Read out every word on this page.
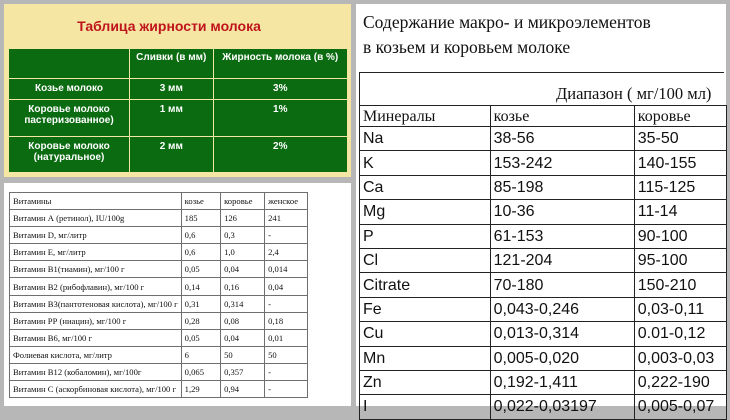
Таблица жирности молока
	Сливки (в мм)	Жирность молока (в %)
Козье молоко	3 мм	3%
Коровье молоко пастеризованное)	1 мм	1%
Коровье молоко (натуральное)	2 мм	2%
Витамины	козье	коровье	женское
Витамин А (ретинол), IU/100g	185	126	241
Витамин D, мг/литр	0,6	0,3	-
Витамин Е, мг/литр	0,6	1,0	2,4
Витамин В1(тиамин), мг/100 г	0,05	0,04	0,014
Витамин В2 (рибофлавин), мг/100 г	0,14	0,16	0,04
Витамин В3(пантотеновая кислота), мг/100 г	0,31	0,314	-
Витамин РР (ниацин), мг/100 г	0,28	0,08	0,18
Витамин В6, мг/100 г	0,05	0,04	0,01
Фолиевая кислота, мг/литр	6	50	50
Витамин В12 (кобаломин), мг/100г	0,065	0,357	-
Витамин С (аскорбиновая кислота), мг/100 г	1,29	0,94	-
Содержание макро- и микроэлементов
в козьем и коровьем молоке
Диапазон ( мг/100 мл)
Минералы	козье	коровье
Na	38-56	35-50
K	153-242	140-155
Ca	85-198	115-125
Mg	10-36	11-14
P	61-153	90-100
Cl	121-204	95-100
Citrate	70-180	150-210
Fe	0,043-0,246	0,03-0,11
Cu	0,013-0,314	0.01-0,12
Mn	0,005-0,020	0,003-0,03
Zn	0,192-1,411	0,222-190
I	0,022-0,03197	0,005-0,07
